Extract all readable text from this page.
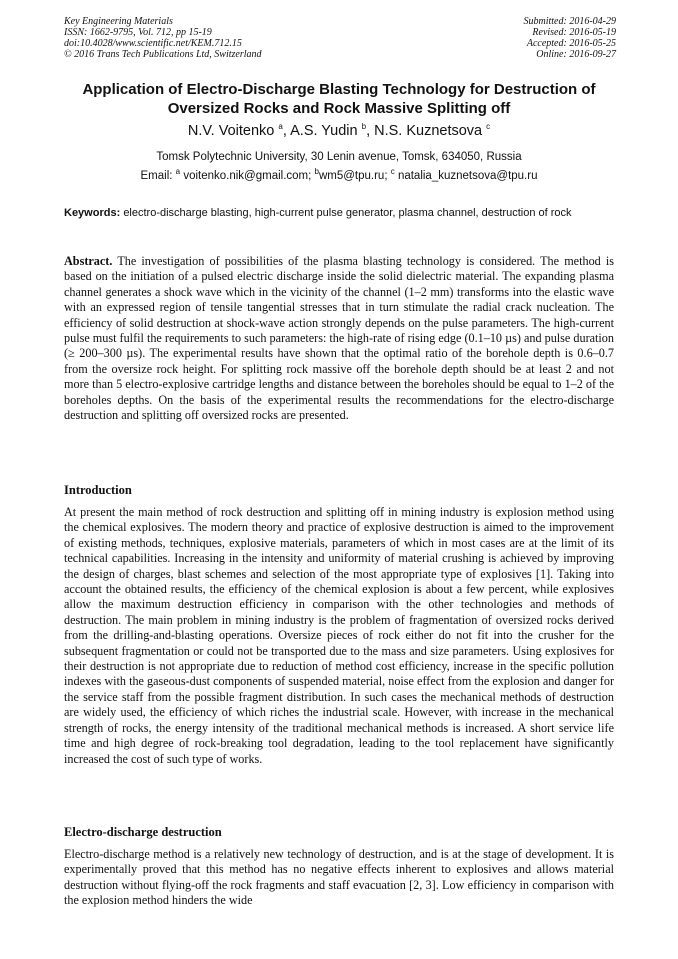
Key Engineering Materials
ISSN: 1662-9795, Vol. 712, pp 15-19
doi:10.4028/www.scientific.net/KEM.712.15
© 2016 Trans Tech Publications Ltd, Switzerland
Submitted: 2016-04-29
Revised: 2016-05-19
Accepted: 2016-05-25
Online: 2016-09-27
Application of Electro-Discharge Blasting Technology for Destruction of Oversized Rocks and Rock Massive Splitting off
N.V. Voitenko $^a$, A.S. Yudin $^b$, N.S. Kuznetsova $^c$
Tomsk Polytechnic University, 30 Lenin avenue, Tomsk, 634050, Russia
Email: $^a$ voitenko.nik@gmail.com; $^b$wm5@tpu.ru; $^c$ natalia_kuznetsova@tpu.ru
Keywords: electro-discharge blasting, high-current pulse generator, plasma channel, destruction of rock
Abstract. The investigation of possibilities of the plasma blasting technology is considered. The method is based on the initiation of a pulsed electric discharge inside the solid dielectric material. The expanding plasma channel generates a shock wave which in the vicinity of the channel (1–2 mm) transforms into the elastic wave with an expressed region of tensile tangential stresses that in turn stimulate the radial crack nucleation. The efficiency of solid destruction at shock-wave action strongly depends on the pulse parameters. The high-current pulse must fulfil the requirements to such parameters: the high-rate of rising edge (0.1–10 µs) and pulse duration (≥ 200–300 µs). The experimental results have shown that the optimal ratio of the borehole depth is 0.6–0.7 from the oversize rock height. For splitting rock massive off the borehole depth should be at least 2 and not more than 5 electro-explosive cartridge lengths and distance between the boreholes should be equal to 1–2 of the boreholes depths. On the basis of the experimental results the recommendations for the electro-discharge destruction and splitting off oversized rocks are presented.
Introduction
At present the main method of rock destruction and splitting off in mining industry is explosion method using the chemical explosives. The modern theory and practice of explosive destruction is aimed to the improvement of existing methods, techniques, explosive materials, parameters of which in most cases are at the limit of its technical capabilities. Increasing in the intensity and uniformity of material crushing is achieved by improving the design of charges, blast schemes and selection of the most appropriate type of explosives [1]. Taking into account the obtained results, the efficiency of the chemical explosion is about a few percent, while explosives allow the maximum destruction efficiency in comparison with the other technologies and methods of destruction. The main problem in mining industry is the problem of fragmentation of oversized rocks derived from the drilling-and-blasting operations. Oversize pieces of rock either do not fit into the crusher for the subsequent fragmentation or could not be transported due to the mass and size parameters. Using explosives for their destruction is not appropriate due to reduction of method cost efficiency, increase in the specific pollution indexes with the gaseous-dust components of suspended material, noise effect from the explosion and danger for the service staff from the possible fragment distribution. In such cases the mechanical methods of destruction are widely used, the efficiency of which riches the industrial scale. However, with increase in the mechanical strength of rocks, the energy intensity of the traditional mechanical methods is increased. A short service life time and high degree of rock-breaking tool degradation, leading to the tool replacement have significantly increased the cost of such type of works.
Electro-discharge destruction
Electro-discharge method is a relatively new technology of destruction, and is at the stage of development. It is experimentally proved that this method has no negative effects inherent to explosives and allows material destruction without flying-off the rock fragments and staff evacuation [2, 3]. Low efficiency in comparison with the explosion method hinders the wide
